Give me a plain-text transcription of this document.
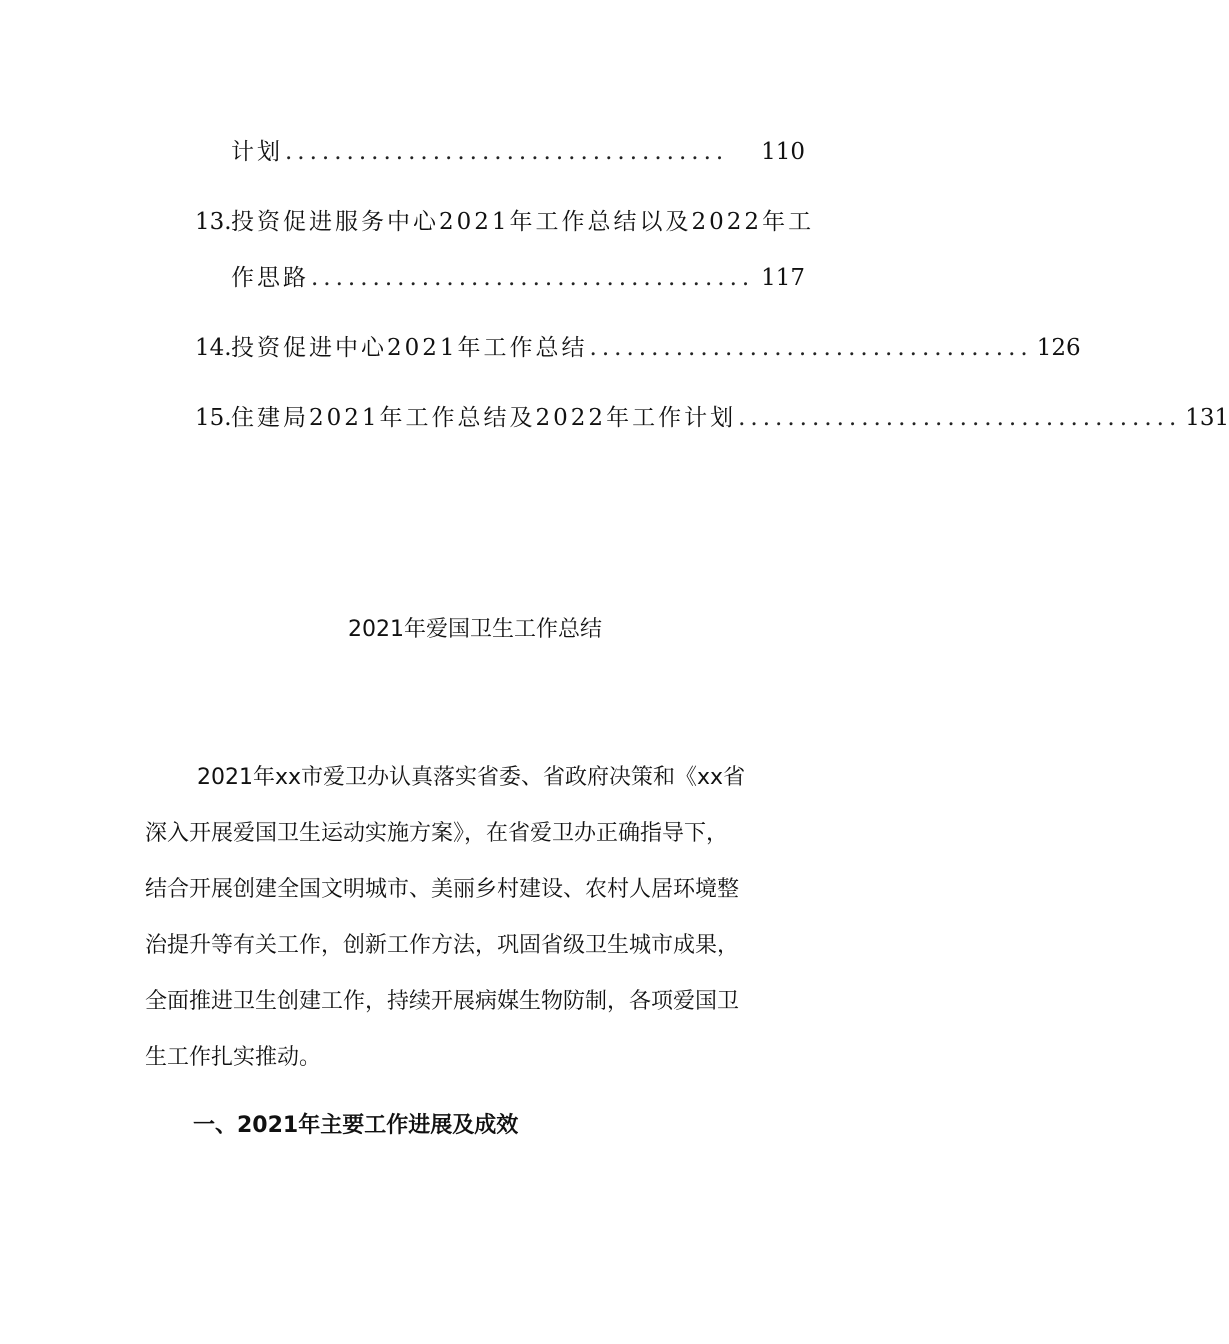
计划 ....................................	110
13. 投资促进服务中心2021年工作总结以及2022年工
作思路 .................................... 117
14. 投资促进中心2021年工作总结 .................................... 126
15. 住建局2021年工作总结及2022年工作计划 .................................... 131
2021年爱国卫生工作总结
2021年xx市爱卫办认真落实省委、省政府决策和《xx省
深入开展爱国卫生运动实施方案》，在省爱卫办正确指导下，
结合开展创建全国文明城市、美丽乡村建设、农村人居环境整
治提升等有关工作，创新工作方法，巩固省级卫生城市成果，
全面推进卫生创建工作，持续开展病媒生物防制，各项爱国卫
生工作扎实推动。
一、2021年主要工作进展及成效
